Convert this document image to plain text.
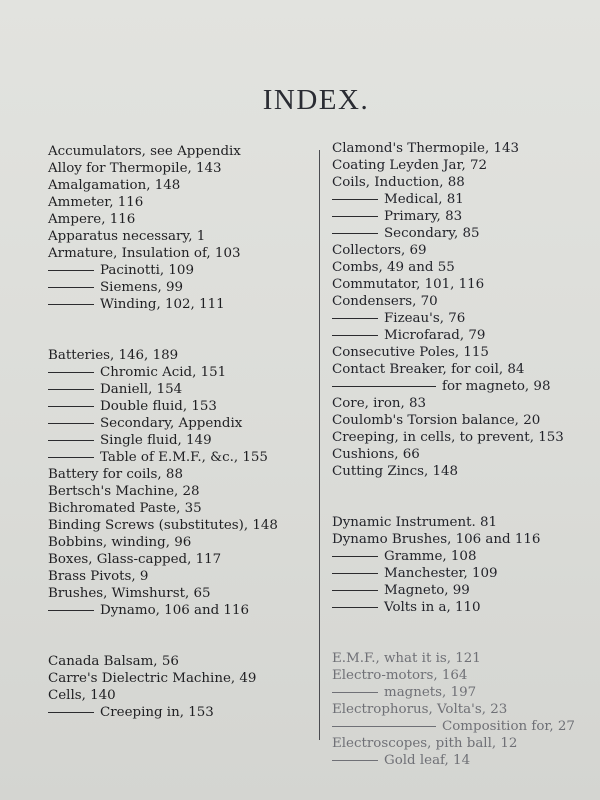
INDEX.
Accumulators, see Appendix
Alloy for Thermopile, 143
Amalgamation, 148
Ammeter, 116
Ampere, 116
Apparatus necessary, 1
Armature, Insulation of, 103
Pacinotti, 109
Siemens, 99
Winding, 102, 111
Batteries, 146, 189
Chromic Acid, 151
Daniell, 154
Double fluid, 153
Secondary, Appendix
Single fluid, 149
Table of E.M.F., &c., 155
Battery for coils, 88
Bertsch's Machine, 28
Bichromated Paste, 35
Binding Screws (substitutes), 148
Bobbins, winding, 96
Boxes, Glass-capped, 117
Brass Pivots, 9
Brushes, Wimshurst, 65
Dynamo, 106 and 116
Canada Balsam, 56
Carre's Dielectric Machine, 49
Cells, 140
Creeping in, 153
Clamond's Thermopile, 143
Coating Leyden Jar, 72
Coils, Induction, 88
Medical, 81
Primary, 83
Secondary, 85
Collectors, 69
Combs, 49 and 55
Commutator, 101, 116
Condensers, 70
Fizeau's, 76
Microfarad, 79
Consecutive Poles, 115
Contact Breaker, for coil, 84
for magneto, 98
Core, iron, 83
Coulomb's Torsion balance, 20
Creeping, in cells, to prevent, 153
Cushions, 66
Cutting Zincs, 148
Dynamic Instrument. 81
Dynamo Brushes, 106 and 116
Gramme, 108
Manchester, 109
Magneto, 99
Volts in a, 110
E.M.F., what it is, 121
Electro-motors, 164
magnets, 197
Electrophorus, Volta's, 23
Composition for, 27
Electroscopes, pith ball, 12
Gold leaf, 14
